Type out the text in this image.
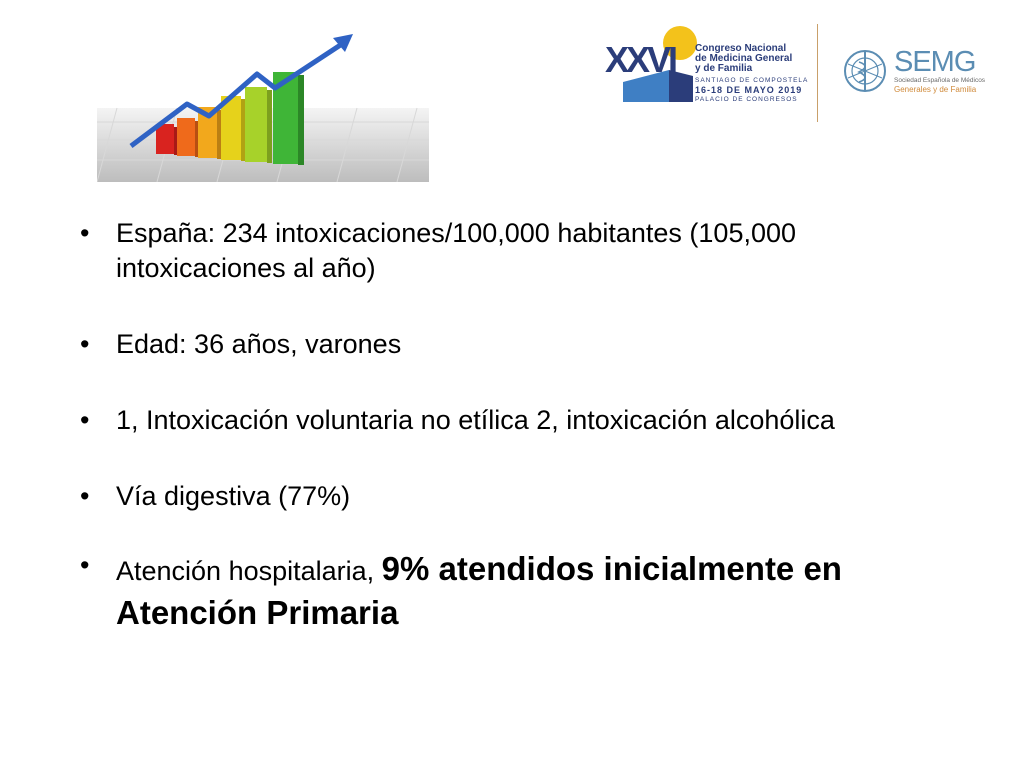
XXVI Congreso Nacional
de Medicina General
y de Familia
SANTIAGO DE COMPOSTELA
16-18 DE MAYO 2019
PALACIO DE CONGRESOS
SEMG
Sociedad Española de Médicos
Generales y de Familia
• España: 234 intoxicaciones/100,000 habitantes (105,000 intoxicaciones al año)
• Edad: 36 años, varones
• 1, Intoxicación voluntaria no etílica 2, intoxicación alcohólica
• Vía digestiva (77%)
• Atención hospitalaria, 9% atendidos inicialmente en Atención Primaria
